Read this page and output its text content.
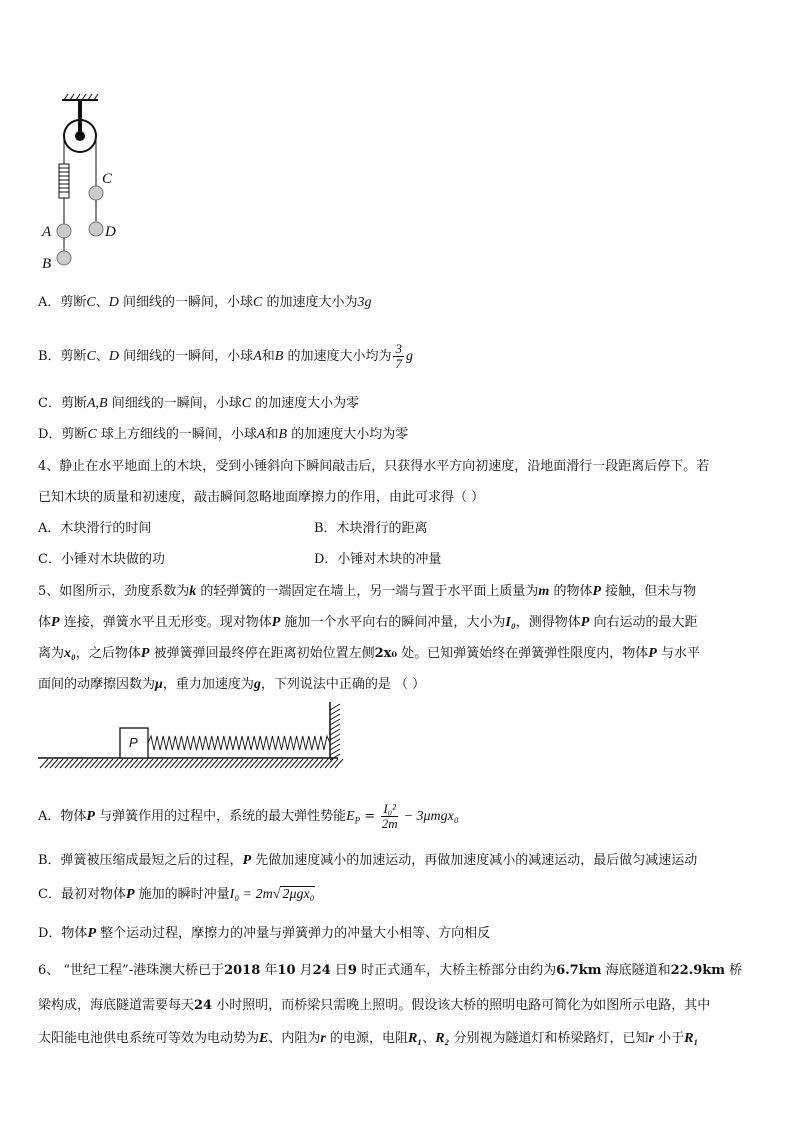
C
A	D
B
A．剪断C、D 间细线的一瞬间，小球C 的加速度大小为3g
B．剪断C、D 间细线的一瞬间，小球A和B 的加速度大小均为 $\frac{3}{7}$ g
C．剪断A,B 间细线的一瞬间，小球C 的加速度大小为零
D．剪断C 球上方细线的一瞬间，小球A和B 的加速度大小均为零
4、静止在水平地面上的木块，受到小锤斜向下瞬间敲击后，只获得水平方向初速度，沿地面滑行一段距离后停下。若
已知木块的质量和初速度，敲击瞬间忽略地面摩擦力的作用，由此可求得（ ）
A．木块滑行的时间	B．木块滑行的距离
C．小锤对木块做的功	D．小锤对木块的冲量
5、如图所示，劲度系数为k 的轻弹簧的一端固定在墙上，另一端与置于水平面上质量为m 的物体P 接触，但未与物
体P 连接，弹簧水平且无形变。现对物体P 施加一个水平向右的瞬间冲量，大小为I₀，测得物体P 向右运动的最大距
离为x₀，之后物体P 被弹簧弹回最终停在距离初始位置左侧2x₀ 处。已知弹簧始终在弹簧弹性限度内，物体P 与水平
面间的动摩擦因数为μ，重力加速度为g，下列说法中正确的是 （ ）
P
A．物体P 与弹簧作用的过程中，系统的最大弹性势能$E_P = \frac{\text{I₀²}}{2m} - 3\mu mgx_0$
B．弹簧被压缩成最短之后的过程，P 先做加速度减小的加速运动，再做加速度减小的减速运动，最后做匀减速运动
C．最初对物体P 施加的瞬时冲量I₀ = 2m√ 2μgx₀
D．物体P 整个运动过程，摩擦力的冲量与弹簧弹力的冲量大小相等、方向相反
6、 “世纪工程”-港珠澳大桥已于2018 年10 月24 日9 时正式通车，大桥主桥部分由约为6.7km 海底隧道和22.9km 桥
梁构成，海底隧道需要每天24 小时照明，而桥梁只需晚上照明。假设该大桥的照明电路可简化为如图所示电路，其中
太阳能电池供电系统可等效为电动势为E、内阻为r 的电源，电阻R₁、R₂ 分别视为隧道灯和桥梁路灯，已知r 小于R₁
